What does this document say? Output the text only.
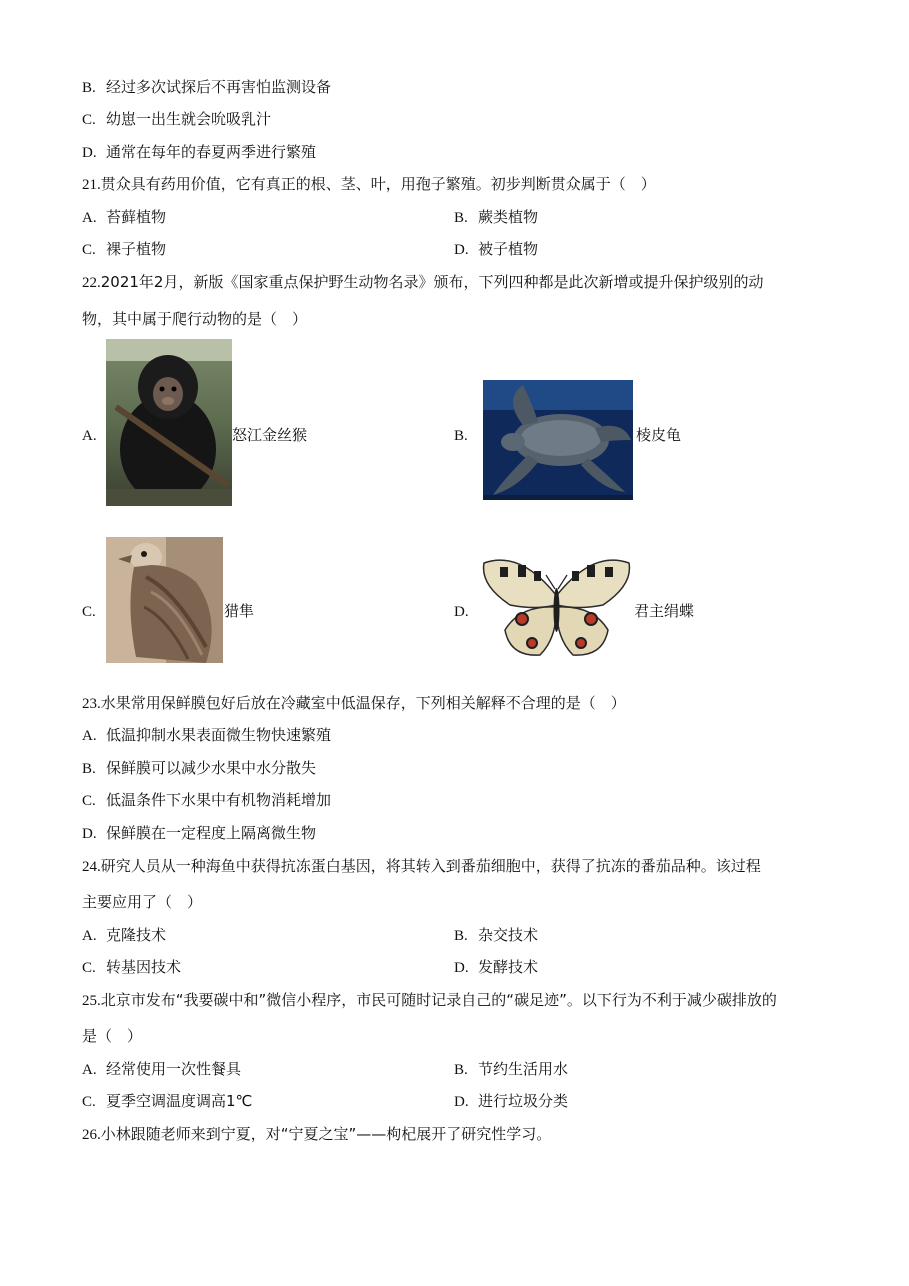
B. 经过多次试探后不再害怕监测设备
C. 幼崽一出生就会吮吸乳汁
D. 通常在每年的春夏两季进行繁殖
21.贯众具有药用价值，它有真正的根、茎、叶，用孢子繁殖。初步判断贯众属于（　）
A. 苔藓植物	B. 蕨类植物
C. 裸子植物	D. 被子植物
22.2021年2月，新版《国家重点保护野生动物名录》颁布，下列四种都是此次新增或提升保护级别的动
物，其中属于爬行动物的是（　）
A.	怒江金丝猴	B.	棱皮龟
C.	猎隼	D.	君主绢蝶
23.水果常用保鲜膜包好后放在冷藏室中低温保存，下列相关解释不合理的是（　）
A. 低温抑制水果表面微生物快速繁殖
B. 保鲜膜可以减少水果中水分散失
C. 低温条件下水果中有机物消耗增加
D. 保鲜膜在一定程度上隔离微生物
24.研究人员从一种海鱼中获得抗冻蛋白基因，将其转入到番茄细胞中，获得了抗冻的番茄品种。该过程
主要应用了（　）
A. 克隆技术	B. 杂交技术
C. 转基因技术	D. 发酵技术
25.北京市发布“我要碳中和”微信小程序，市民可随时记录自己的“碳足迹”。以下行为不利于减少碳排放的
是（　）
A. 经常使用一次性餐具	B. 节约生活用水
C. 夏季空调温度调高1℃	D. 进行垃圾分类
26.小林跟随老师来到宁夏，对“宁夏之宝”——枸杞展开了研究性学习。
